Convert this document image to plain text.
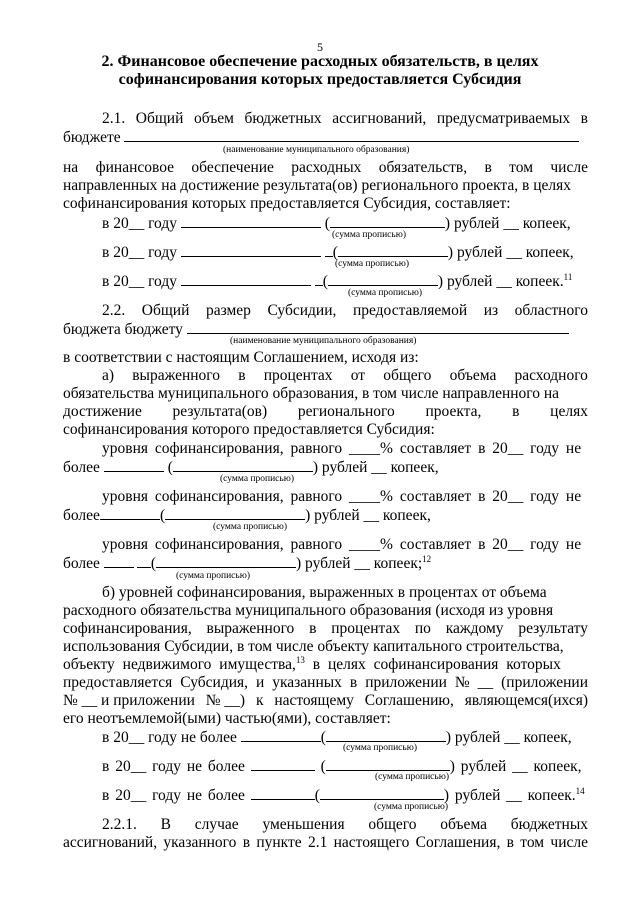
5
2. Финансовое обеспечение расходных обязательств, в целях
софинансирования которых предоставляется Субсидия
2.1. Общий объем бюджетных ассигнований, предусматриваемых в
бюджете
(наименование муниципального образования)
на финансовое обеспечение расходных обязательств, в том числе
направленных на достижение результата(ов) регионального проекта, в целях
софинансирования которых предоставляется Субсидия, составляет:
в 20__ году	(	) рублей __ копеек,
(сумма прописью)
в 20__ году	(	) рублей __ копеек,
(сумма прописью)
в 20__ году	(	) рублей __ копеек.$^{11}$
(сумма прописью)
2.2. Общий размер Субсидии, предоставляемой из областного
бюджета бюджету
(наименование муниципального образования)
в соответствии с настоящим Соглашением, исходя из:
а) выраженного в процентах от общего объема расходного
обязательства муниципального образования, в том числе направленного на
достижение результата(ов) регионального проекта, в целях
софинансирования которого предоставляется Субсидия:
уровня софинансирования, равного ____% составляет в 20__ году не
более	(	) рублей __ копеек,
(сумма прописью)
уровня софинансирования, равного ____% составляет в 20__ году не
более	(	) рублей __ копеек,
(сумма прописью)
уровня софинансирования, равного ____% составляет в 20__ году не
более	(	) рублей __ копеек;$^{12}$
(сумма прописью)
б) уровней софинансирования, выраженных в процентах от объема
расходного обязательства муниципального образования (исходя из уровня
софинансирования, выраженного в процентах по каждому результату
использования Субсидии, в том числе объекту капитального строительства,
объекту недвижимого имущества,$^{13}$ в целях софинансирования которых
предоставляется Субсидия, и указанных в приложении № __ (приложении
№ __ и приложении № __) к настоящему Соглашению, являющемся(ихся)
его неотъемлемой(ыми) частью(ями), составляет:
в 20__ году не более	(	) рублей __ копеек,
(сумма прописью)
в 20__ году не более	(	) рублей __ копеек,
(сумма прописью)
в 20__ году не более	(	) рублей __ копеек.$^{14}$
(сумма прописью)
2.2.1. В случае уменьшения общего объема бюджетных
ассигнований, указанного в пункте 2.1 настоящего Соглашения, в том числе
